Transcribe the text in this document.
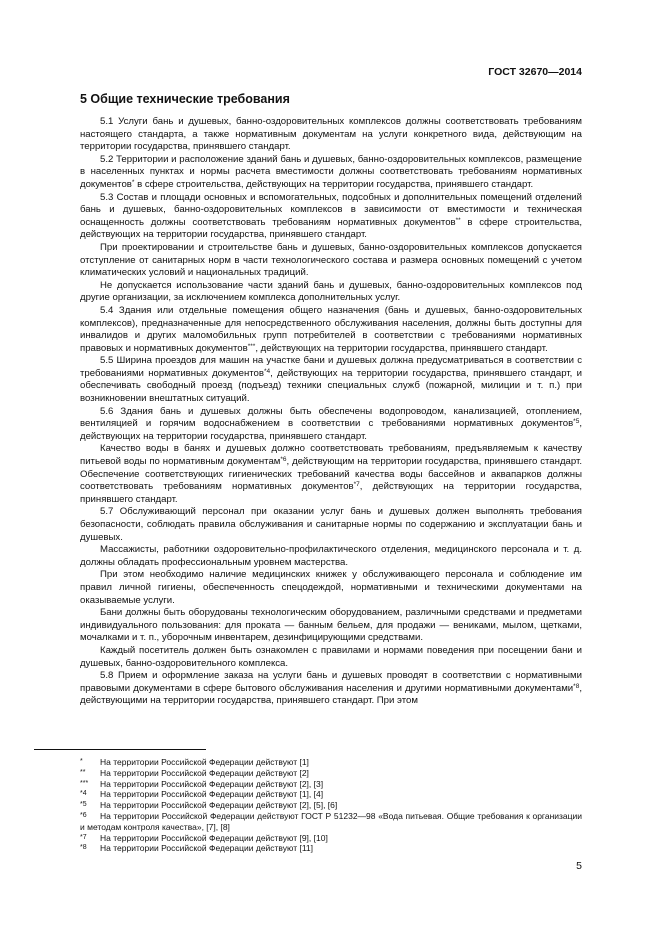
ГОСТ 32670—2014

5 Общие технические требования

5.1 Услуги бань и душевых, банно-оздоровительных комплексов должны соответствовать требованиям настоящего стандарта, а также нормативным документам на услуги конкретного вида, действующим на территории государства, принявшего стандарт.

5.2 Территории и расположение зданий бань и душевых, банно-оздоровительных комплексов, размещение в населенных пунктах и нормы расчета вместимости должны соответствовать требованиям нормативных документов* в сфере строительства, действующих на территории государства, принявшего стандарт.

5.3 Состав и площади основных и вспомогательных, подсобных и дополнительных помещений отделений бань и душевых, банно-оздоровительных комплексов в зависимости от вместимости и техническая оснащенность должны соответствовать требованиям нормативных документов** в сфере строительства, действующих на территории государства, принявшего стандарт.

При проектировании и строительстве бань и душевых, банно-оздоровительных комплексов допускается отступление от санитарных норм в части технологического состава и размера основных помещений с учетом климатических условий и национальных традиций.

Не допускается использование части зданий бань и душевых, банно-оздоровительных комплексов под другие организации, за исключением комплекса дополнительных услуг.

5.4 Здания или отдельные помещения общего назначения (бань и душевых, банно-оздоровительных комплексов), предназначенные для непосредственного обслуживания населения, должны быть доступны для инвалидов и других маломобильных групп потребителей в соответствии с требованиями нормативных правовых и нормативных документов***, действующих на территории государства, принявшего стандарт.

5.5 Ширина проездов для машин на участке бани и душевых должна предусматриваться в соответствии с требованиями нормативных документов$^{*4}$, действующих на территории государства, принявшего стандарт, и обеспечивать свободный проезд (подъезд) техники специальных служб (пожарной, милиции и т. п.) при возникновении внештатных ситуаций.

5.6 Здания бань и душевых должны быть обеспечены водопроводом, канализацией, отоплением, вентиляцией и горячим водоснабжением в соответствии с требованиями нормативных документов$^{*5}$, действующих на территории государства, принявшего стандарт.

Качество воды в банях и душевых должно соответствовать требованиям, предъявляемым к качеству питьевой воды по нормативным документам$^{*6}$, действующим на территории государства, принявшего стандарт. Обеспечение соответствующих гигиенических требований качества воды бассейнов и аквапарков должны соответствовать требованиям нормативных документов$^{*7}$, действующих на территории государства, принявшего стандарт.

5.7 Обслуживающий персонал при оказании услуг бань и душевых должен выполнять требования безопасности, соблюдать правила обслуживания и санитарные нормы по содержанию и эксплуатации бань и душевых.

Массажисты, работники оздоровительно-профилактического отделения, медицинского персонала и т. д. должны обладать профессиональным уровнем мастерства.

При этом необходимо наличие медицинских книжек у обслуживающего персонала и соблюдение им правил личной гигиены, обеспеченность спецодеждой, нормативными и техническими документами на оказываемые услуги.

Бани должны быть оборудованы технологическим оборудованием, различными средствами и предметами индивидуального пользования: для проката — банным бельем, для продажи — вениками, мылом, щетками, мочалками и т. п., уборочным инвентарем, дезинфицирующими средствами.

Каждый посетитель должен быть ознакомлен с правилами и нормами поведения при посещении бани и душевых, банно-оздоровительного комплекса.

5.8 Прием и оформление заказа на услуги бань и душевых проводят в соответствии с нормативными правовыми документами в сфере бытового обслуживания населения и другими нормативными документами$^{*8}$, действующими на территории государства, принявшего стандарт. При этом

* На территории Российской Федерации действуют [1]

** На территории Российской Федерации действуют [2]

*** На территории Российской Федерации действуют [2], [3]

*4 На территории Российской Федерации действуют [1], [4]

*5 На территории Российской Федерации действуют [2], [5], [6]

*6 На территории Российской Федерации действуют ГОСТ Р 51232—98 «Вода питьевая. Общие требования к организации и методам контроля качества», [7], [8]

*7 На территории Российской Федерации действуют [9], [10]

*8 На территории Российской Федерации действуют [11]

5
